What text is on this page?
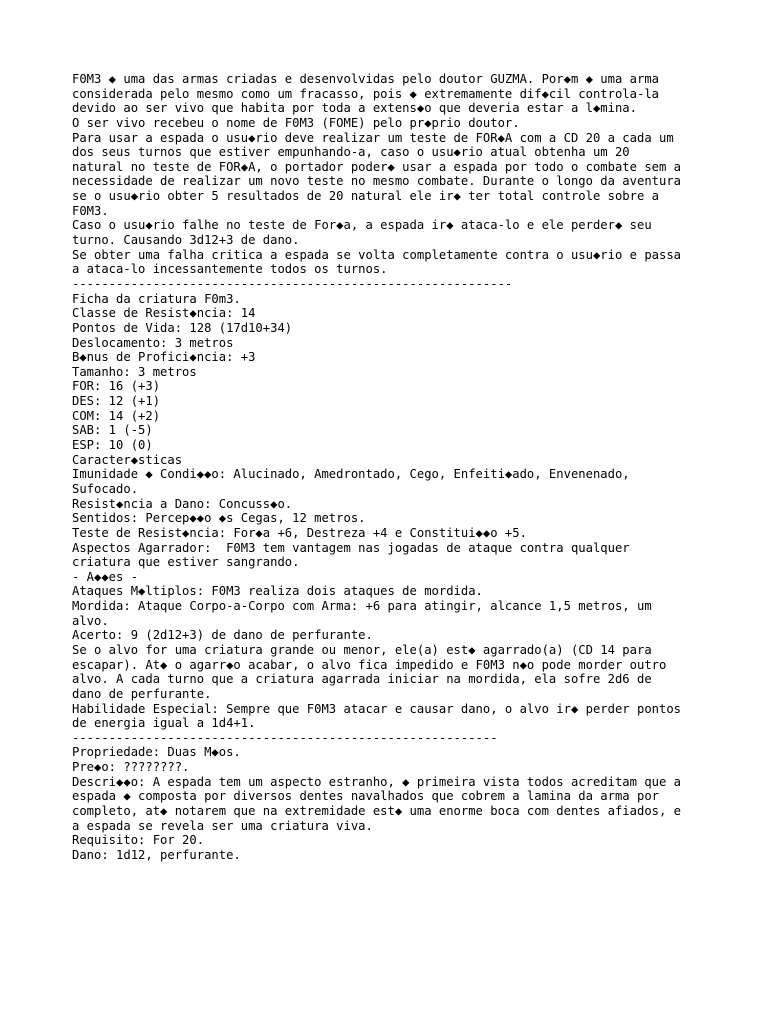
F0M3 ◆ uma das armas criadas e desenvolvidas pelo doutor GUZMA. Por◆m ◆ uma arma
considerada pelo mesmo como um fracasso, pois ◆ extremamente dif◆cil controla-la
devido ao ser vivo que habita por toda a extens◆o que deveria estar a l◆mina.
O ser vivo recebeu o nome de F0M3 (FOME) pelo pr◆prio doutor.
Para usar a espada o usu◆rio deve realizar um teste de FOR◆A com a CD 20 a cada um
dos seus turnos que estiver empunhando-a, caso o usu◆rio atual obtenha um 20
natural no teste de FOR◆A, o portador poder◆ usar a espada por todo o combate sem a
necessidade de realizar um novo teste no mesmo combate. Durante o longo da aventura
se o usu◆rio obter 5 resultados de 20 natural ele ir◆ ter total controle sobre a
F0M3.
Caso o usu◆rio falhe no teste de For◆a, a espada ir◆ ataca-lo e ele perder◆ seu
turno. Causando 3d12+3 de dano.
Se obter uma falha critica a espada se volta completamente contra o usu◆rio e passa
a ataca-lo incessantemente todos os turnos.
------------------------------------------------------------
Ficha da criatura F0m3.
Classe de Resist◆ncia: 14
Pontos de Vida: 128 (17d10+34)
Deslocamento: 3 metros
B◆nus de Profici◆ncia: +3
Tamanho: 3 metros
FOR: 16 (+3)
DES: 12 (+1)
COM: 14 (+2)
SAB: 1 (-5)
ESP: 10 (0)
Caracter◆sticas
Imunidade ◆ Condi◆◆o: Alucinado, Amedrontado, Cego, Enfeiti◆ado, Envenenado,
Sufocado.
Resist◆ncia a Dano: Concuss◆o.
Sentidos: Percep◆◆o ◆s Cegas, 12 metros.
Teste de Resist◆ncia: For◆a +6, Destreza +4 e Constitui◆◆o +5.
Aspectos Agarrador:  F0M3 tem vantagem nas jogadas de ataque contra qualquer
criatura que estiver sangrando.
- A◆◆es -
Ataques M◆ltiplos: F0M3 realiza dois ataques de mordida.
Mordida: Ataque Corpo-a-Corpo com Arma: +6 para atingir, alcance 1,5 metros, um
alvo.
Acerto: 9 (2d12+3) de dano de perfurante.
Se o alvo for uma criatura grande ou menor, ele(a) est◆ agarrado(a) (CD 14 para
escapar). At◆ o agarr◆o acabar, o alvo fica impedido e F0M3 n◆o pode morder outro
alvo. A cada turno que a criatura agarrada iniciar na mordida, ela sofre 2d6 de
dano de perfurante.
Habilidade Especial: Sempre que F0M3 atacar e causar dano, o alvo ir◆ perder pontos
de energia igual a 1d4+1.
----------------------------------------------------------
Propriedade: Duas M◆os.
Pre◆o: ????????.
Descri◆◆o: A espada tem um aspecto estranho, ◆ primeira vista todos acreditam que a
espada ◆ composta por diversos dentes navalhados que cobrem a lamina da arma por
completo, at◆ notarem que na extremidade est◆ uma enorme boca com dentes afiados, e
a espada se revela ser uma criatura viva.
Requisito: For 20.
Dano: 1d12, perfurante.
